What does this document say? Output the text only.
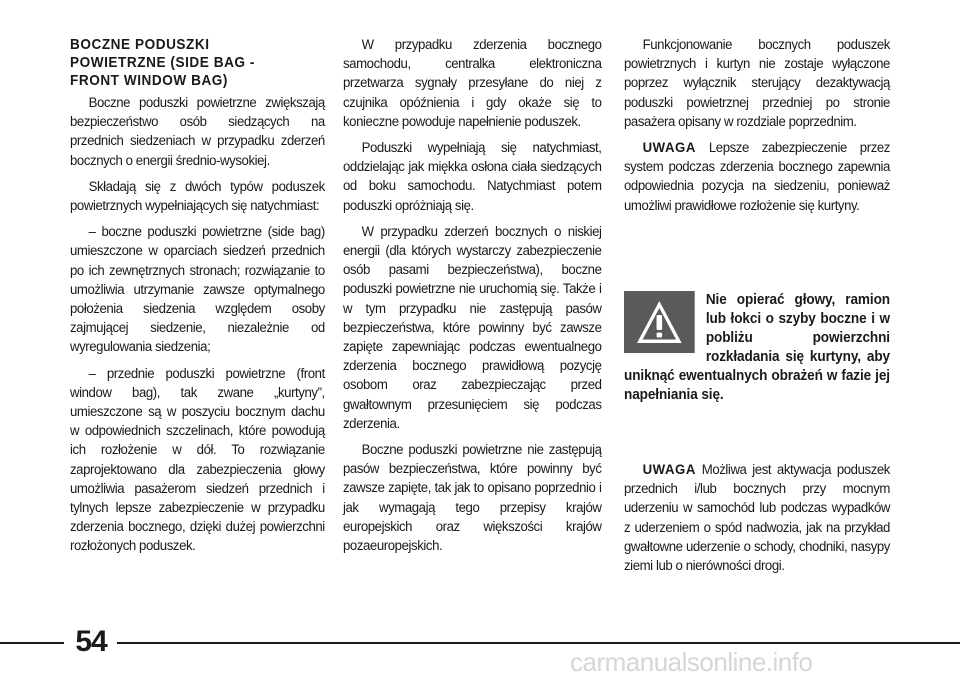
BOCZNE PODUSZKI
POWIETRZNE (SIDE BAG -
FRONT WINDOW BAG)

Boczne poduszki powietrzne zwiększają bezpieczeństwo osób siedzących na przednich siedzeniach w przypadku zderzeń bocznych o energii średnio-wysokiej.

Składają się z dwóch typów poduszek powietrznych wypełniających się natychmiast:

– boczne poduszki powietrzne (side bag) umieszczone w oparciach siedzeń przednich po ich zewnętrznych stronach; rozwiązanie to umożliwia utrzymanie zawsze optymalnego położenia siedzenia względem osoby zajmującej siedzenie, niezależnie od wyregulowania siedzenia;

– przednie poduszki powietrzne (front window bag), tak zwane „kurtyny”, umieszczone są w poszyciu bocznym dachu w odpowiednich szczelinach, które powodują ich rozłożenie w dół. To rozwiązanie zaprojektowano dla zabezpieczenia głowy umożliwia pasażerom siedzeń przednich i tylnych lepsze zabezpieczenie w przypadku zderzenia bocznego, dzięki dużej powierzchni rozłożonych poduszek.

W przypadku zderzenia bocznego samochodu, centralka elektroniczna przetwarza sygnały przesyłane do niej z czujnika opóźnienia i gdy okaże się to konieczne powoduje napełnienie poduszek.

Poduszki wypełniają się natychmiast, oddzielając jak miękka osłona ciała siedzących od boku samochodu. Natychmiast potem poduszki opróżniają się.

W przypadku zderzeń bocznych o niskiej energii (dla których wystarczy zabezpieczenie osób pasami bezpieczeństwa), boczne poduszki powietrzne nie uruchomią się. Także i w tym przypadku nie zastępują pasów bezpieczeństwa, które powinny być zawsze zapięte zapewniając podczas ewentualnego zderzenia bocznego prawidłową pozycję osobom oraz zabezpieczając przed gwałtownym przesunięciem się podczas zderzenia.

Boczne poduszki powietrzne nie zastępują pasów bezpieczeństwa, które powinny być zawsze zapięte, tak jak to opisano poprzednio i jak wymagają tego przepisy krajów europejskich oraz większości krajów pozaeuropejskich.

Funkcjonowanie bocznych poduszek powietrznych i kurtyn nie zostaje wyłączone poprzez wyłącznik sterujący dezaktywacją poduszki powietrznej przedniej po stronie pasażera opisany w rozdziale poprzednim.

UWAGA Lepsze zabezpieczenie przez system podczas zderzenia bocznego zapewnia odpowiednia pozycja na siedzeniu, ponieważ umożliwi prawidłowe rozłożenie się kurtyny.

Nie opierać głowy, ramion lub łokci o szyby boczne i w pobliżu powierzchni rozkładania się kurtyny, aby uniknąć ewentualnych obrażeń w fazie jej napełniania się.

UWAGA Możliwa jest aktywacja poduszek przednich i/lub bocznych przy mocnym uderzeniu w samochód lub podczas wypadków z uderzeniem o spód nadwozia, jak na przykład gwałtowne uderzenie o schody, chodniki, nasypy ziemi lub o nierówności drogi.

54
carmanualsonline.info
